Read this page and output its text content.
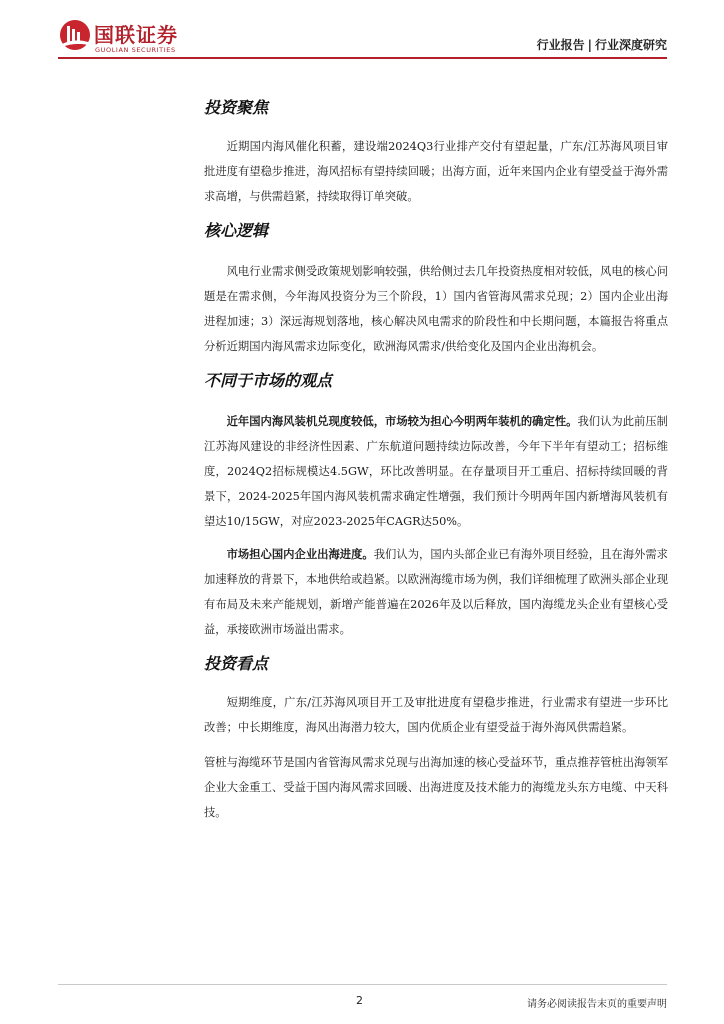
国联证券
GUOLIAN SECURITIES	行业报告 | 行业深度研究
投资聚焦

近期国内海风催化积蓄，建设端2024Q3行业排产交付有望起量，广东/江苏海风项目审批进度有望稳步推进，海风招标有望持续回暖；出海方面，近年来国内企业有望受益于海外需求高增，与供需趋紧，持续取得订单突破。

核心逻辑

风电行业需求侧受政策规划影响较强，供给侧过去几年投资热度相对较低，风电的核心问题是在需求侧，今年海风投资分为三个阶段，1）国内省管海风需求兑现；2）国内企业出海进程加速；3）深远海规划落地，核心解决风电需求的阶段性和中长期问题，本篇报告将重点分析近期国内海风需求边际变化，欧洲海风需求/供给变化及国内企业出海机会。

不同于市场的观点

近年国内海风装机兑现度较低，市场较为担心今明两年装机的确定性。我们认为此前压制江苏海风建设的非经济性因素、广东航道问题持续边际改善，今年下半年有望动工；招标维度，2024Q2招标规模达4.5GW，环比改善明显。在存量项目开工重启、招标持续回暖的背景下，2024-2025年国内海风装机需求确定性增强，我们预计今明两年国内新增海风装机有望达10/15GW，对应2023-2025年CAGR达50%。

市场担心国内企业出海进度。我们认为，国内头部企业已有海外项目经验，且在海外需求加速释放的背景下，本地供给或趋紧。以欧洲海缆市场为例，我们详细梳理了欧洲头部企业现有布局及未来产能规划，新增产能普遍在2026年及以后释放，国内海缆龙头企业有望核心受益，承接欧洲市场溢出需求。

投资看点

短期维度，广东/江苏海风项目开工及审批进度有望稳步推进，行业需求有望进一步环比改善；中长期维度，海风出海潜力较大，国内优质企业有望受益于海外海风供需趋紧。

管桩与海缆环节是国内省管海风需求兑现与出海加速的核心受益环节，重点推荐管桩出海领军企业大金重工、受益于国内海风需求回暖、出海进度及技术能力的海缆龙头东方电缆、中天科技。

2	请务必阅读报告末页的重要声明
